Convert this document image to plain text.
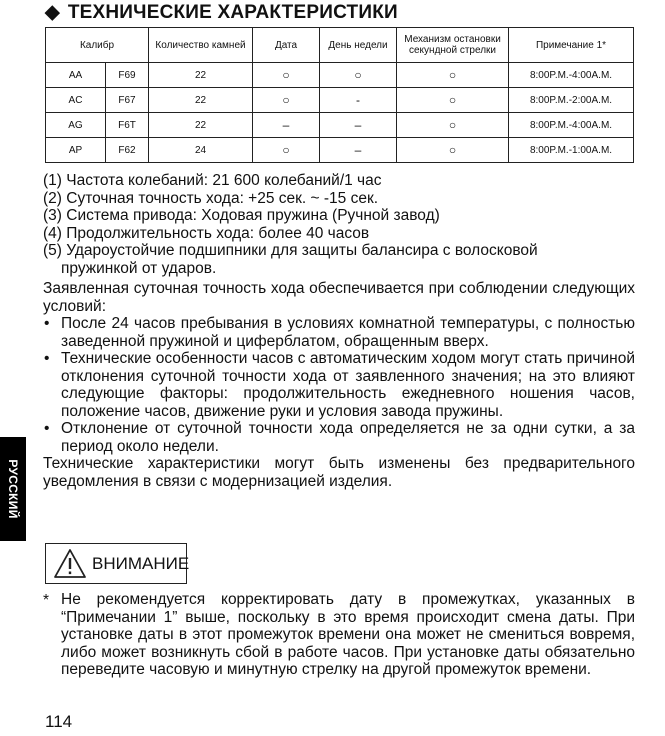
◆ ТЕХНИЧЕСКИЕ ХАРАКТЕРИСТИКИ
Калибр		Количество камней	Дата	День недели	Механизм остановки секундной стрелки	Примечание 1*
AA	F69	22	○	○	○	8:00P.M.-4:00A.M.
AC	F67	22	○	-	○	8:00P.M.-2:00A.M.
AG	F6T	22	–	–	○	8:00P.M.-4:00A.M.
AP	F62	24	○	–	○	8:00P.M.-1:00A.M.

(1) Частота колебаний: 21 600 колебаний/1 час

(2) Суточная точность хода: +25 сек. ~ -15 сек.

(3) Система привода: Ходовая пружина (Ручной завод)

(4) Продолжительность хода: более 40 часов

(5) Удароустойчие подшипники для защиты балансира с волосковой
пружинкой от ударов.

Заявленная суточная точность хода обеспечивается при соблюдении следующих условий:

• После 24 часов пребывания в условиях комнатной температуры, с полностью заведенной пружиной и циферблатом, обращенным вверх.
• Технические особенности часов с автоматическим ходом могут стать причиной отклонения суточной точности хода от заявленного значения; на это влияют следующие факторы: продолжительность ежедневного ношения часов, положение часов, движение руки и условия завода пружины.
• Отклонение от суточной точности хода определяется не за одни сутки, а за период около недели.

Технические характеристики могут быть изменены без предварительного уведомления в связи с модернизацией изделия.

ВНИМАНИЕ
* Не рекомендуется корректировать дату в промежутках, указанных в “Примечании 1” выше, поскольку в это время происходит смена даты. При установке даты в этот промежуток времени она может не смениться вовремя, либо может возникнуть сбой в работе часов. При установке даты обязательно переведите часовую и минутную стрелку на другой промежуток времени.
РУССКИЙ
114
